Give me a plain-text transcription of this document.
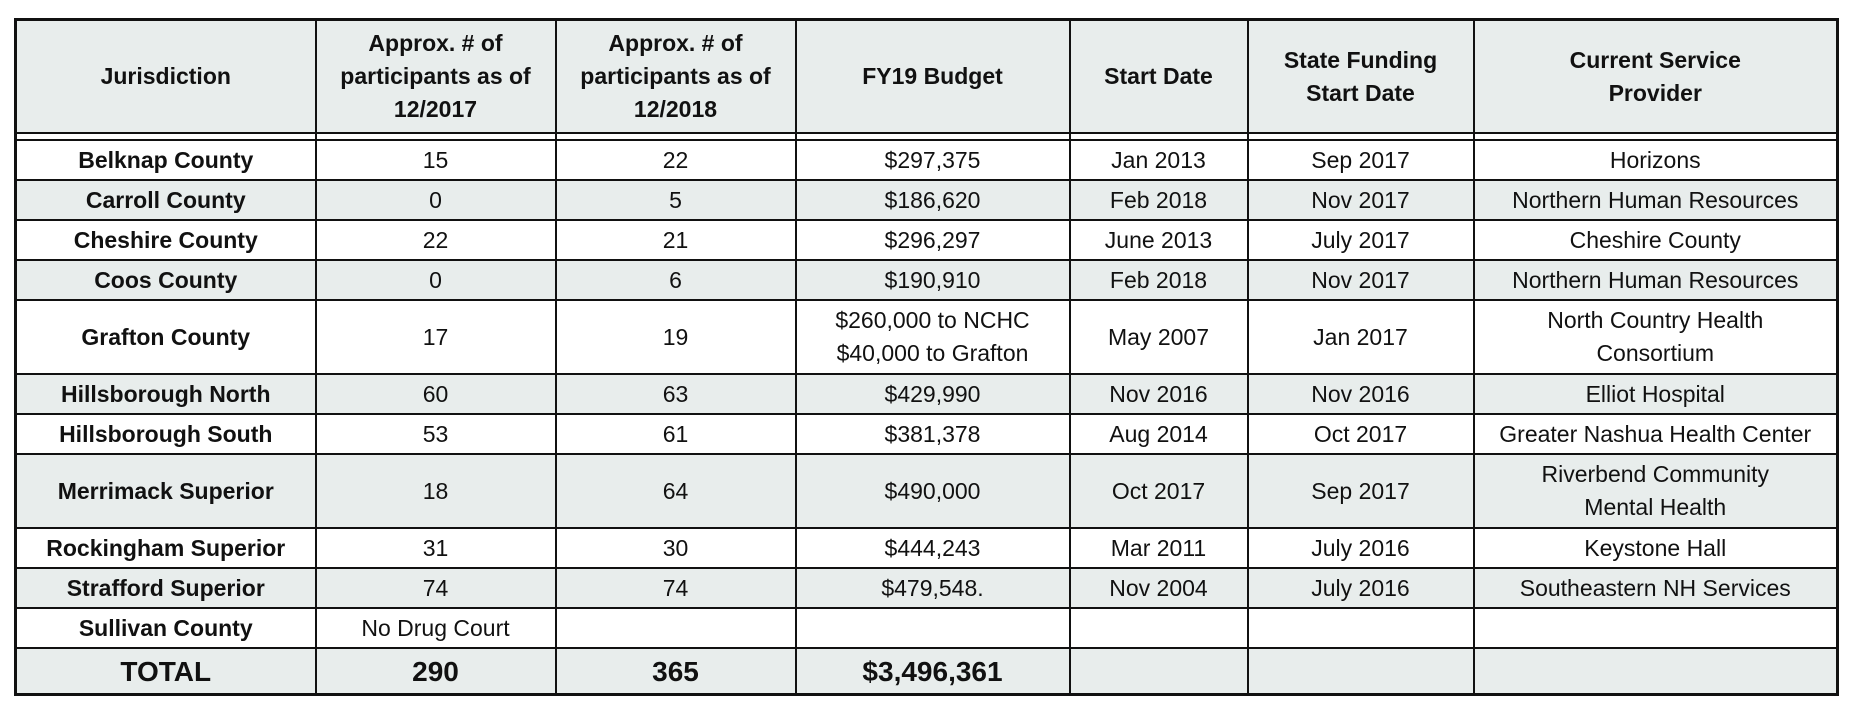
Jurisdiction	Approx. # of
participants as of
12/2017	Approx. # of
participants as of
12/2018	FY19 Budget	Start Date	State Funding
Start Date	Current Service
Provider

Belknap County	15	22	$297,375	Jan 2013	Sep 2017	Horizons

Carroll County	0	5	$186,620	Feb 2018	Nov 2017	Northern Human Resources

Cheshire County	22	21	$296,297	June 2013	July 2017	Cheshire County

Coos County	0	6	$190,910	Feb 2018	Nov 2017	Northern Human Resources

Grafton County	17	19	$260,000 to NCHC
$40,000 to Grafton	May 2007	Jan 2017	North Country Health
Consortium

Hillsborough North	60	63	$429,990	Nov 2016	Nov 2016	Elliot Hospital

Hillsborough South	53	61	$381,378	Aug 2014	Oct 2017	Greater Nashua Health Center

Merrimack Superior	18	64	$490,000	Oct 2017	Sep 2017	Riverbend Community
Mental Health

Rockingham Superior	31	30	$444,243	Mar 2011	July 2016	Keystone Hall

Strafford Superior	74	74	$479,548.	Nov 2004	July 2016	Southeastern NH Services

Sullivan County	No Drug Court		

TOTAL	290	365	$3,496,361			
